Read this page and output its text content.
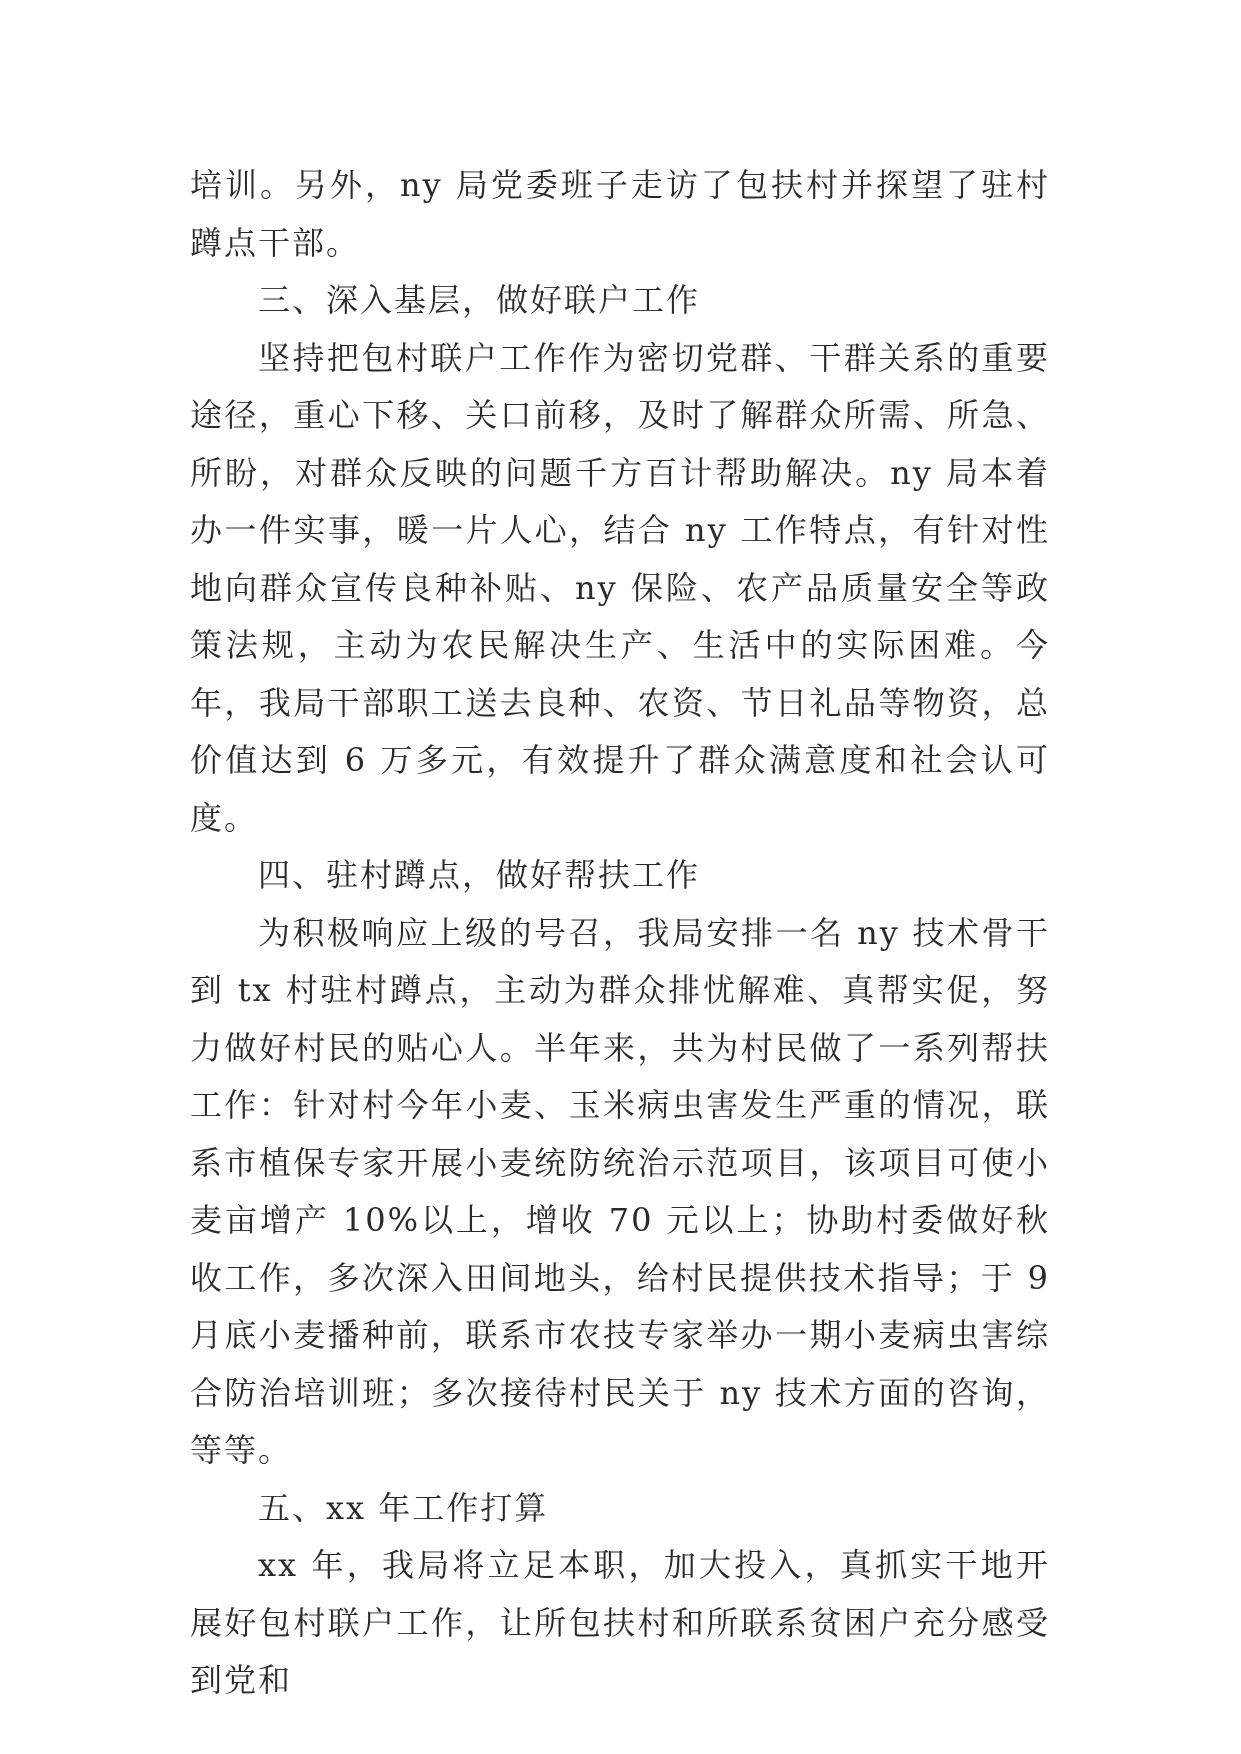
培训。另外，ny 局党委班子走访了包扶村并探望了驻村蹲点干部。

三、深入基层，做好联户工作

坚持把包村联户工作作为密切党群、干群关系的重要途径，重心下移、关口前移，及时了解群众所需、所急、所盼，对群众反映的问题千方百计帮助解决。ny 局本着办一件实事，暖一片人心，结合 ny 工作特点，有针对性地向群众宣传良种补贴、ny 保险、农产品质量安全等政策法规，主动为农民解决生产、生活中的实际困难。今年，我局干部职工送去良种、农资、节日礼品等物资，总价值达到 6 万多元，有效提升了群众满意度和社会认可度。

四、驻村蹲点，做好帮扶工作

为积极响应上级的号召，我局安排一名 ny 技术骨干到 tx 村驻村蹲点，主动为群众排忧解难、真帮实促，努力做好村民的贴心人。半年来，共为村民做了一系列帮扶工作：针对村今年小麦、玉米病虫害发生严重的情况，联系市植保专家开展小麦统防统治示范项目，该项目可使小麦亩增产 10%以上，增收 70 元以上；协助村委做好秋收工作，多次深入田间地头，给村民提供技术指导；于 9 月底小麦播种前，联系市农技专家举办一期小麦病虫害综合防治培训班；多次接待村民关于 ny 技术方面的咨询，等等。

五、xx 年工作打算

xx 年，我局将立足本职，加大投入，真抓实干地开展好包村联户工作，让所包扶村和所联系贫困户充分感受到党和
